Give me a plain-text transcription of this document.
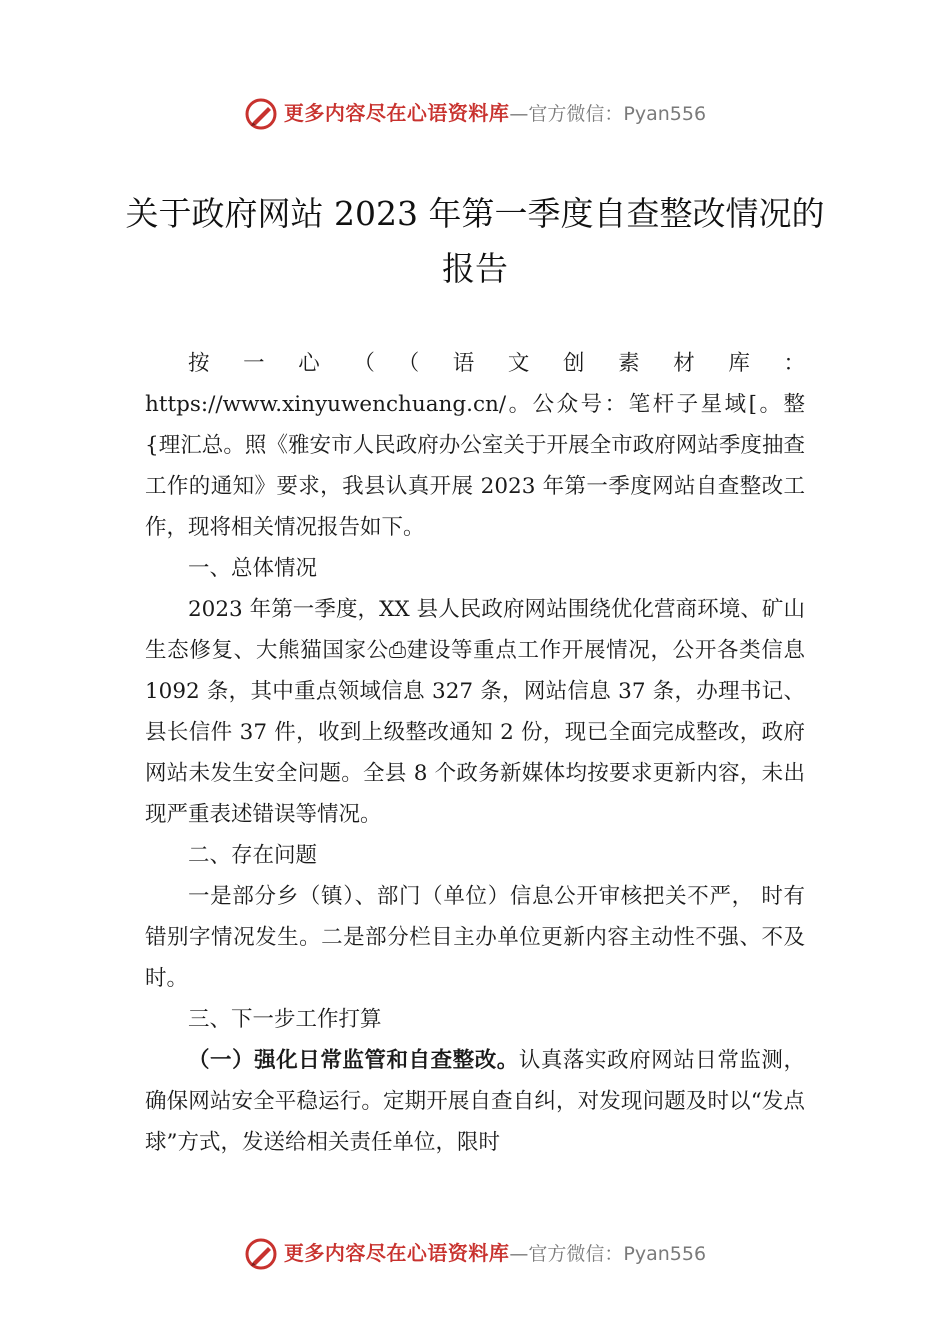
更多内容尽在心语资料库—官方微信：Pyan556
关于政府网站 2023 年第一季度自查整改情况的报告

按一心（（语文创素材库：https://www.xinyuwenchuang.cn/。公众号：笔杆子星域[。整{理汇总。照《雅安市人民政府办公室关于开展全市政府网站季度抽查工作的通知》要求，我县认真开展 2023 年第一季度网站自查整改工作，现将相关情况报告如下。

一、总体情况

2023 年第一季度，XX 县人民政府网站围绕优化营商环境、矿山生态修复、大熊猫国家公⎙建设等重点工作开展情况，公开各类信息 1092 条，其中重点领域信息 327 条，网站信息 37 条，办理书记、县长信件 37 件，收到上级整改通知 2 份，现已全面完成整改，政府网站未发生安全问题。全县 8 个政务新媒体均按要求更新内容，未出现严重表述错误等情况。

二、存在问题

一是部分乡（镇）、部门（单位）信息公开审核把关不严， 时有错别字情况发生。二是部分栏目主办单位更新内容主动性不强、不及时。

三、下一步工作打算

（一）强化日常监管和自查整改。认真落实政府网站日常监测，确保网站安全平稳运行。定期开展自查自纠，对发现问题及时以“发点球”方式，发送给相关责任单位，限时

更多内容尽在心语资料库—官方微信：Pyan556
